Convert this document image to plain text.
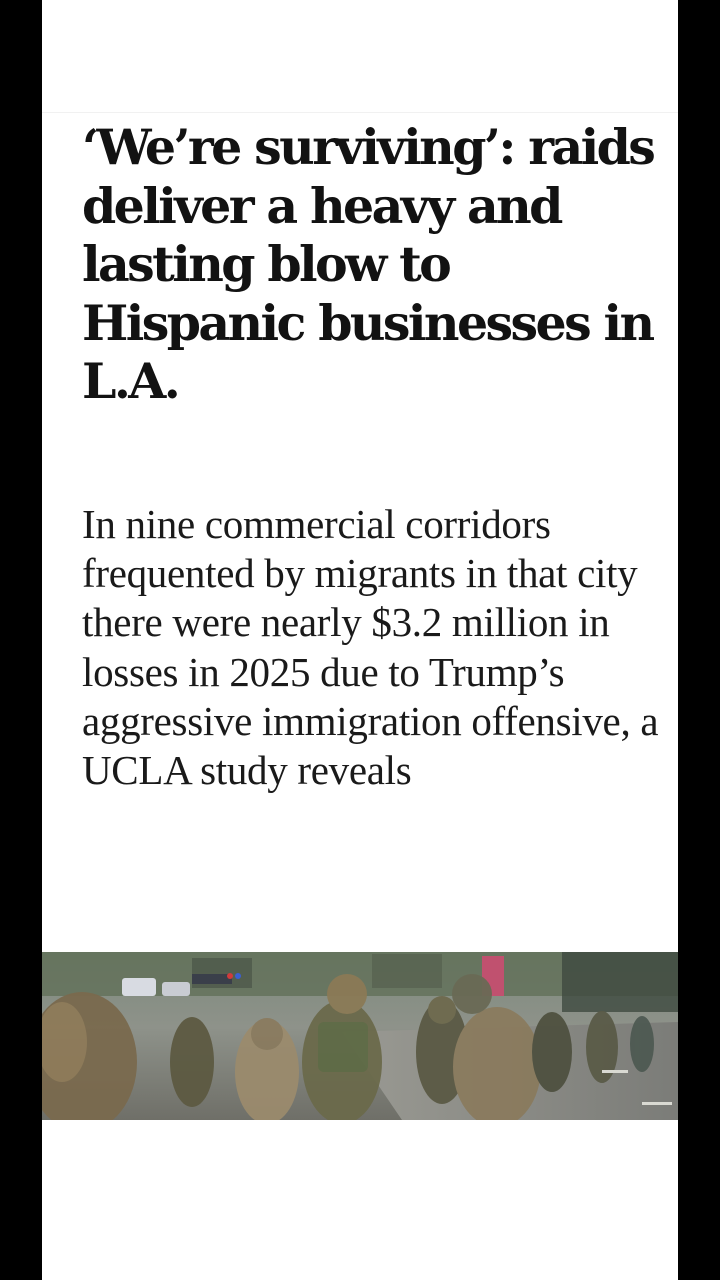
‘We’re surviving’: raids deliver a heavy and lasting blow to Hispanic businesses in L.A.

In nine commercial corridors frequented by migrants in that city there were nearly $3.2 million in losses in 2025 due to Trump’s aggressive immigration offensive, a UCLA study reveals
